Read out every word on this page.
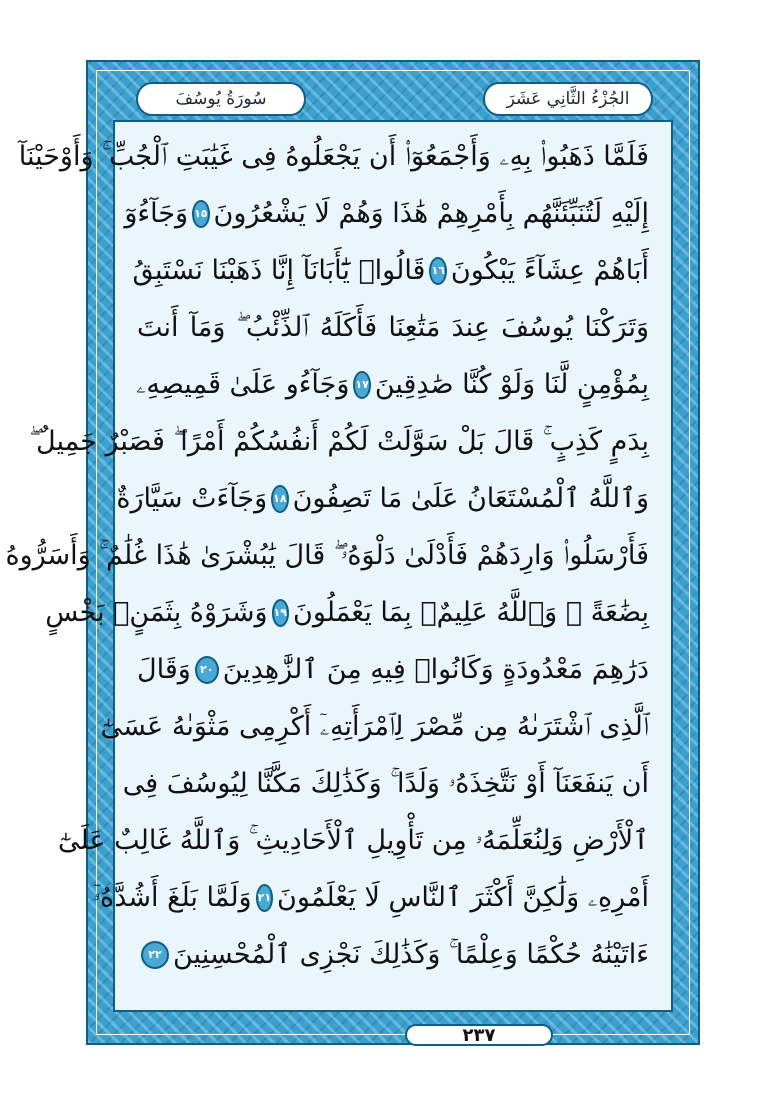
سُورَةُ يُوسُفَ	الجُزْءُ الثَّانِي عَشَرَ
فَلَمَّا ذَهَبُوا۟ بِهِۦ وَأَجْمَعُوٓا۟ أَن يَجْعَلُوهُ فِى غَيَٰبَتِ ٱلْجُبِّ ۚ وَأَوْحَيْنَآ
إِلَيْهِ لَتُنَبِّئَنَّهُم بِأَمْرِهِمْ هَٰذَا وَهُمْ لَا يَشْعُرُونَ
١٥
وَجَآءُوٓ
أَبَاهُمْ عِشَآءً يَبْكُونَ
١٦
قَالُوا۟ يَٰٓأَبَانَآ إِنَّا ذَهَبْنَا نَسْتَبِقُ
وَتَرَكْنَا يُوسُفَ عِندَ مَتَٰعِنَا فَأَكَلَهُ ٱلذِّئْبُ ۖ وَمَآ أَنتَ
بِمُؤْمِنٍ لَّنَا وَلَوْ كُنَّا صَٰدِقِينَ
١٧
وَجَآءُو عَلَىٰ قَمِيصِهِۦ
بِدَمٍ كَذِبٍ ۚ قَالَ بَلْ سَوَّلَتْ لَكُمْ أَنفُسُكُمْ أَمْرًا ۖ فَصَبْرٌ جَمِيلٌ ۖ
وَٱللَّهُ ٱلْمُسْتَعَانُ عَلَىٰ مَا تَصِفُونَ
١٨
وَجَآءَتْ سَيَّارَةٌ
فَأَرْسَلُوا۟ وَارِدَهُمْ فَأَدْلَىٰ دَلْوَهُۥ ۖ قَالَ يَٰبُشْرَىٰ هَٰذَا غُلَٰمٌ ۚ وَأَسَرُّوهُ
بِضَٰعَةً ۚ وَٱللَّهُ عَلِيمٌۢ بِمَا يَعْمَلُونَ
١٩
وَشَرَوْهُ بِثَمَنٍۭ بَخْسٍ
دَرَٰهِمَ مَعْدُودَةٍ وَكَانُوا۟ فِيهِ مِنَ ٱلزَّٰهِدِينَ
٢٠
وَقَالَ
ٱلَّذِى ٱشْتَرَىٰهُ مِن مِّصْرَ لِٱمْرَأَتِهِۦٓ أَكْرِمِى مَثْوَىٰهُ عَسَىٰٓ
أَن يَنفَعَنَآ أَوْ نَتَّخِذَهُۥ وَلَدًا ۚ وَكَذَٰلِكَ مَكَّنَّا لِيُوسُفَ فِى
ٱلْأَرْضِ وَلِنُعَلِّمَهُۥ مِن تَأْوِيلِ ٱلْأَحَادِيثِ ۚ وَٱللَّهُ غَالِبٌ عَلَىٰٓ
أَمْرِهِۦ وَلَٰكِنَّ أَكْثَرَ ٱلنَّاسِ لَا يَعْلَمُونَ
٢١
وَلَمَّا بَلَغَ أَشُدَّهُۥٓ
ءَاتَيْنَٰهُ حُكْمًا وَعِلْمًا ۚ وَكَذَٰلِكَ نَجْزِى ٱلْمُحْسِنِينَ
٢٢
٢٣٧
